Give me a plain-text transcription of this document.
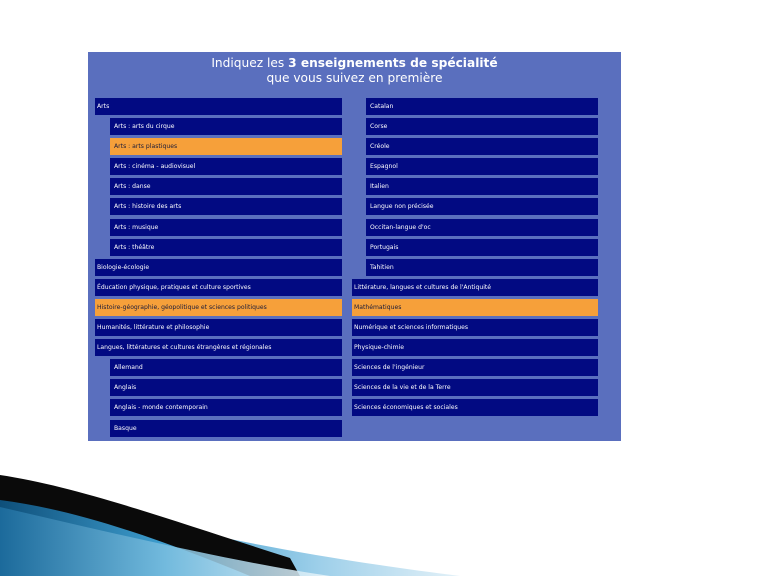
Indiquez les 3 enseignements de spécialité
que vous suivez en première
Arts
Arts : arts du cirque
Arts : arts plastiques
Arts : cinéma - audiovisuel
Arts : danse
Arts : histoire des arts
Arts : musique
Arts : théâtre
Biologie-écologie
Éducation physique, pratiques et culture sportives
Histoire-géographie, géopolitique et sciences politiques
Humanités, littérature et philosophie
Langues, littératures et cultures étrangères et régionales
Allemand
Anglais
Anglais - monde contemporain
Basque
Catalan
Corse
Créole
Espagnol
Italien
Langue non précisée
Occitan-langue d'oc
Portugais
Tahitien
Littérature, langues et cultures de l'Antiquité
Mathématiques
Numérique et sciences informatiques
Physique-chimie
Sciences de l'ingénieur
Sciences de la vie et de la Terre
Sciences économiques et sociales
